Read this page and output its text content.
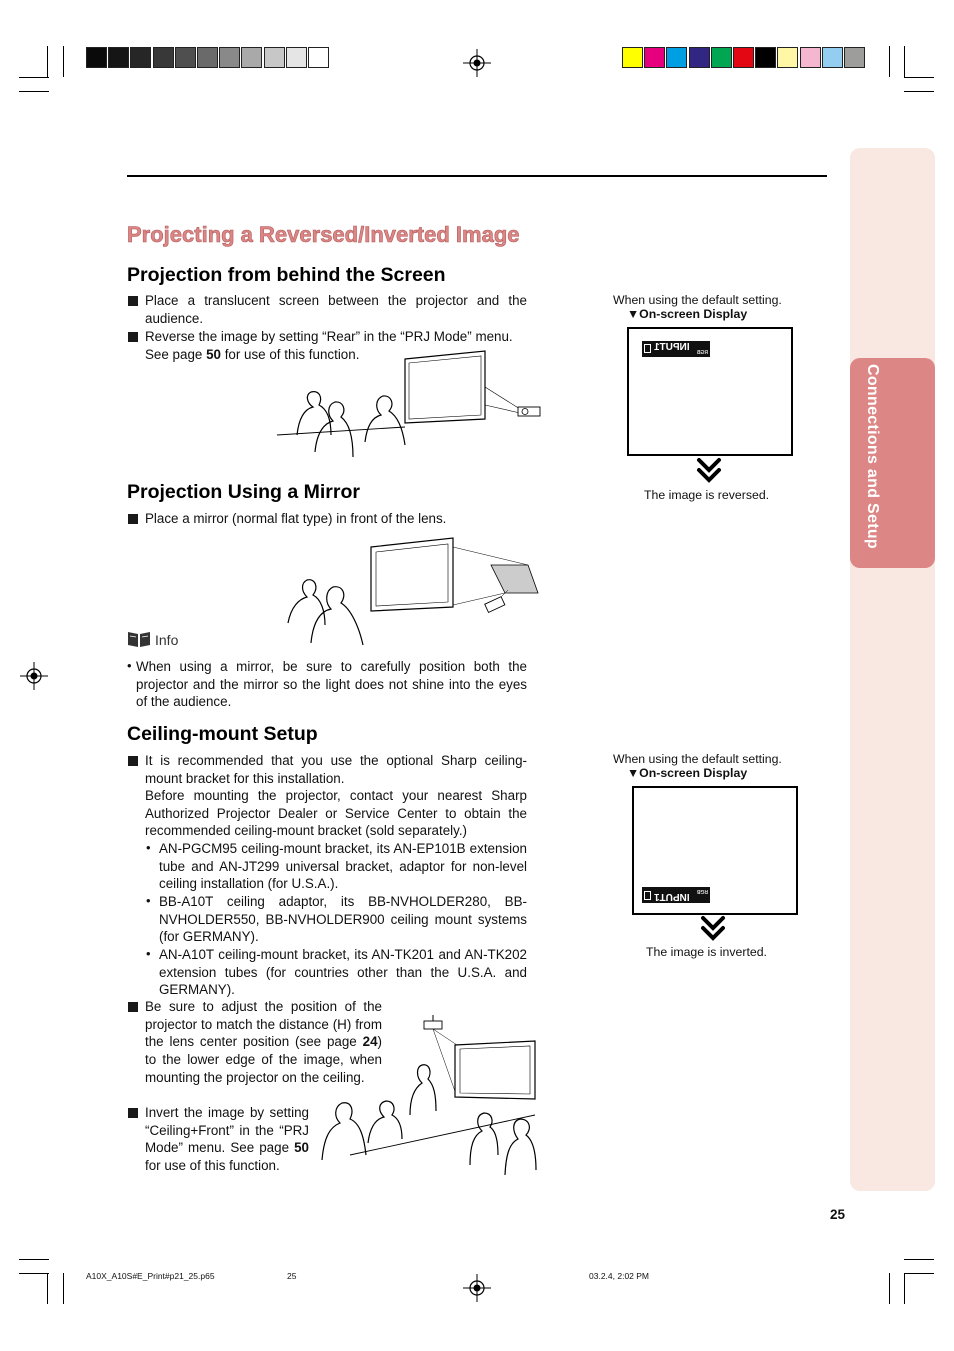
Connections and Setup
Projecting a Reversed/Inverted Image
Projection from behind the Screen
Place a translucent screen between the projector and the audience.
Reverse the image by setting “Rear” in the “PRJ Mode” menu. See page 50 for use of this function.
When using the default setting.
▼On-screen Display
INPUT1 RGB
The image is reversed.
Projection Using a Mirror
Place a mirror (normal flat type) in front of the lens.
Info
• When using a mirror, be sure to carefully position both the projector and the mirror so the light does not shine into the eyes of the audience.
Ceiling-mount Setup
It is recommended that you use the optional Sharp ceiling-mount bracket for this installation.
Before mounting the projector, contact your nearest Sharp Authorized Projector Dealer or Service Center to obtain the recommended ceiling-mount bracket (sold separately.)
• AN-PGCM95 ceiling-mount bracket, its AN-EP101B extension tube and AN-JT299 universal bracket, adaptor for non-level ceiling installation (for U.S.A.).
• BB-A10T ceiling adaptor, its BB-NVHOLDER280, BB-NVHOLDER550, BB-NVHOLDER900 ceiling mount systems (for GERMANY).
• AN-A10T ceiling-mount bracket, its AN-TK201 and AN-TK202 extension tubes (for countries other than the U.S.A. and GERMANY).
Be sure to adjust the position of the projector to match the distance (H) from the lens center position (see page 24) to the lower edge of the image, when mounting the projector on the ceiling.
Invert the image by setting “Ceiling+Front” in the “PRJ Mode” menu. See page 50 for use of this function.
When using the default setting.
▼On-screen Display
INPUT1 RGB
The image is inverted.
25
A10X_A10S#E_Print#p21_25.p65	25	03.2.4, 2:02 PM
